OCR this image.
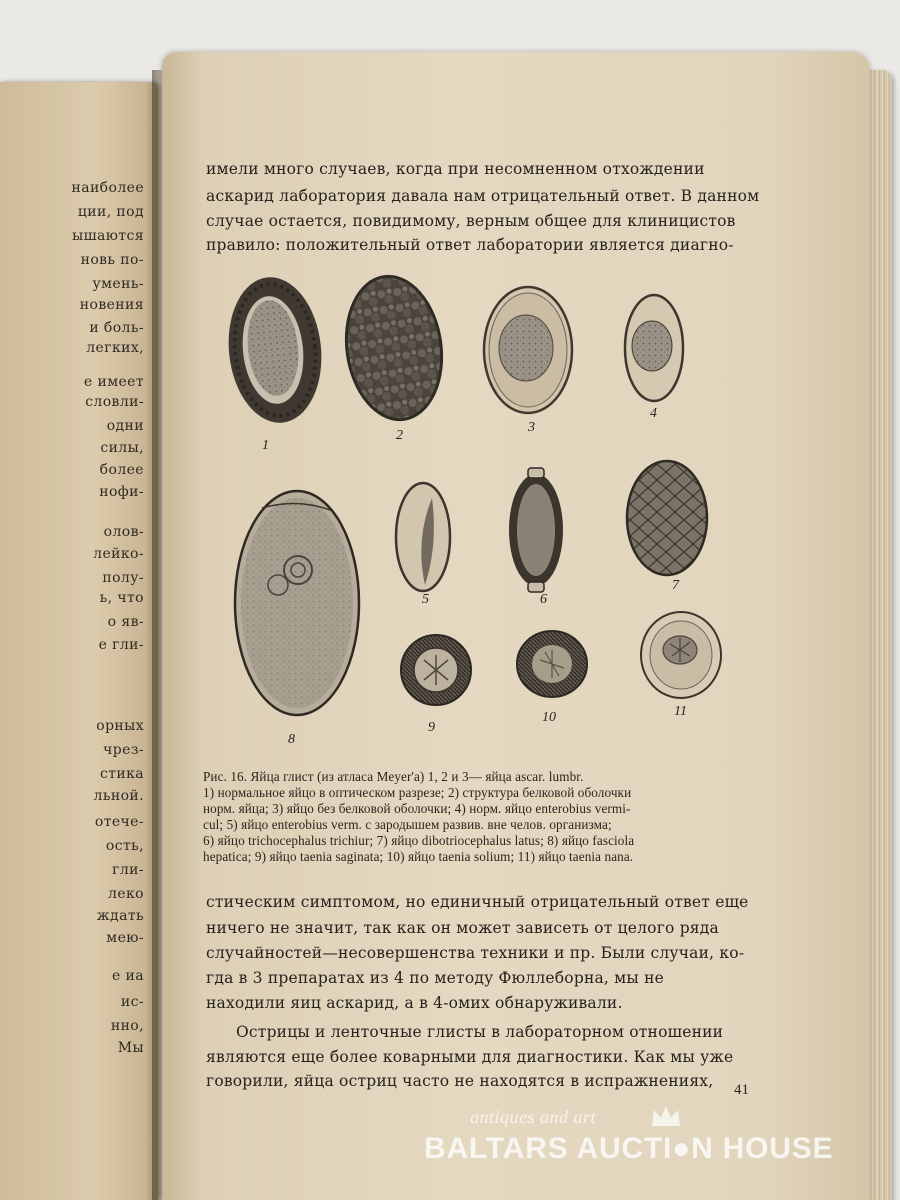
наиболее
ции, под
ышаются
новь по-
умень-
новения
и боль-
легких,
е имеет
словли-
одни
силы,
более
нофи-
олов-
лейко-
полу-
ь, что
о яв-
е гли-
орных
чрез-
стика
льной.
отече-
ость,
гли-
леко
ждать
мею-
е иа
ис-
нно,
Мы
имели много случаев, когда при несомненном отхождении
аскарид лаборатория давала нам отрицательный ответ. В данном
случае остается, повидимому, верным общее для клиницистов
правило: положительный ответ лаборатории является диагно-
1
2
3
4
5	6
7
8
9
10	11
Рис. 16. Яйца глист (из атласа Meyer'а) 1, 2 и 3— яйца ascar. lumbr.
1) нормальное яйцо в оптическом разрезе; 2) структура белковой оболочки
норм. яйца; 3) яйцо без белковой оболочки; 4) норм. яйцо enterobius vermi-
cul; 5) яйцо enterobius verm. с зародышем развив. вне челов. организма;
6) яйцо trichocephalus trichiur; 7) яйцо dibotriocephalus latus; 8) яйцо fasciola
hepatica; 9) яйцо taenia saginata; 10) яйцо taenia solium; 11) яйцо taenia nana.
стическим симптомом, но единичный отрицательный ответ еще
ничего не значит, так как он может зависеть от целого ряда
случайностей—несовершенства техники и пр. Были случаи, ко-
гда в 3 препаратах из 4 по методу Фюллеборна, мы не
находили яиц аскарид, а в 4-омих обнаруживали.
Острицы и ленточные глисты в лабораторном отношении
являются еще более коварными для диагностики. Как мы уже
говорили, яйца остриц часто не находятся в испражнениях,	41
antiques and art
BALTARS AUCTI●N HOUSE
